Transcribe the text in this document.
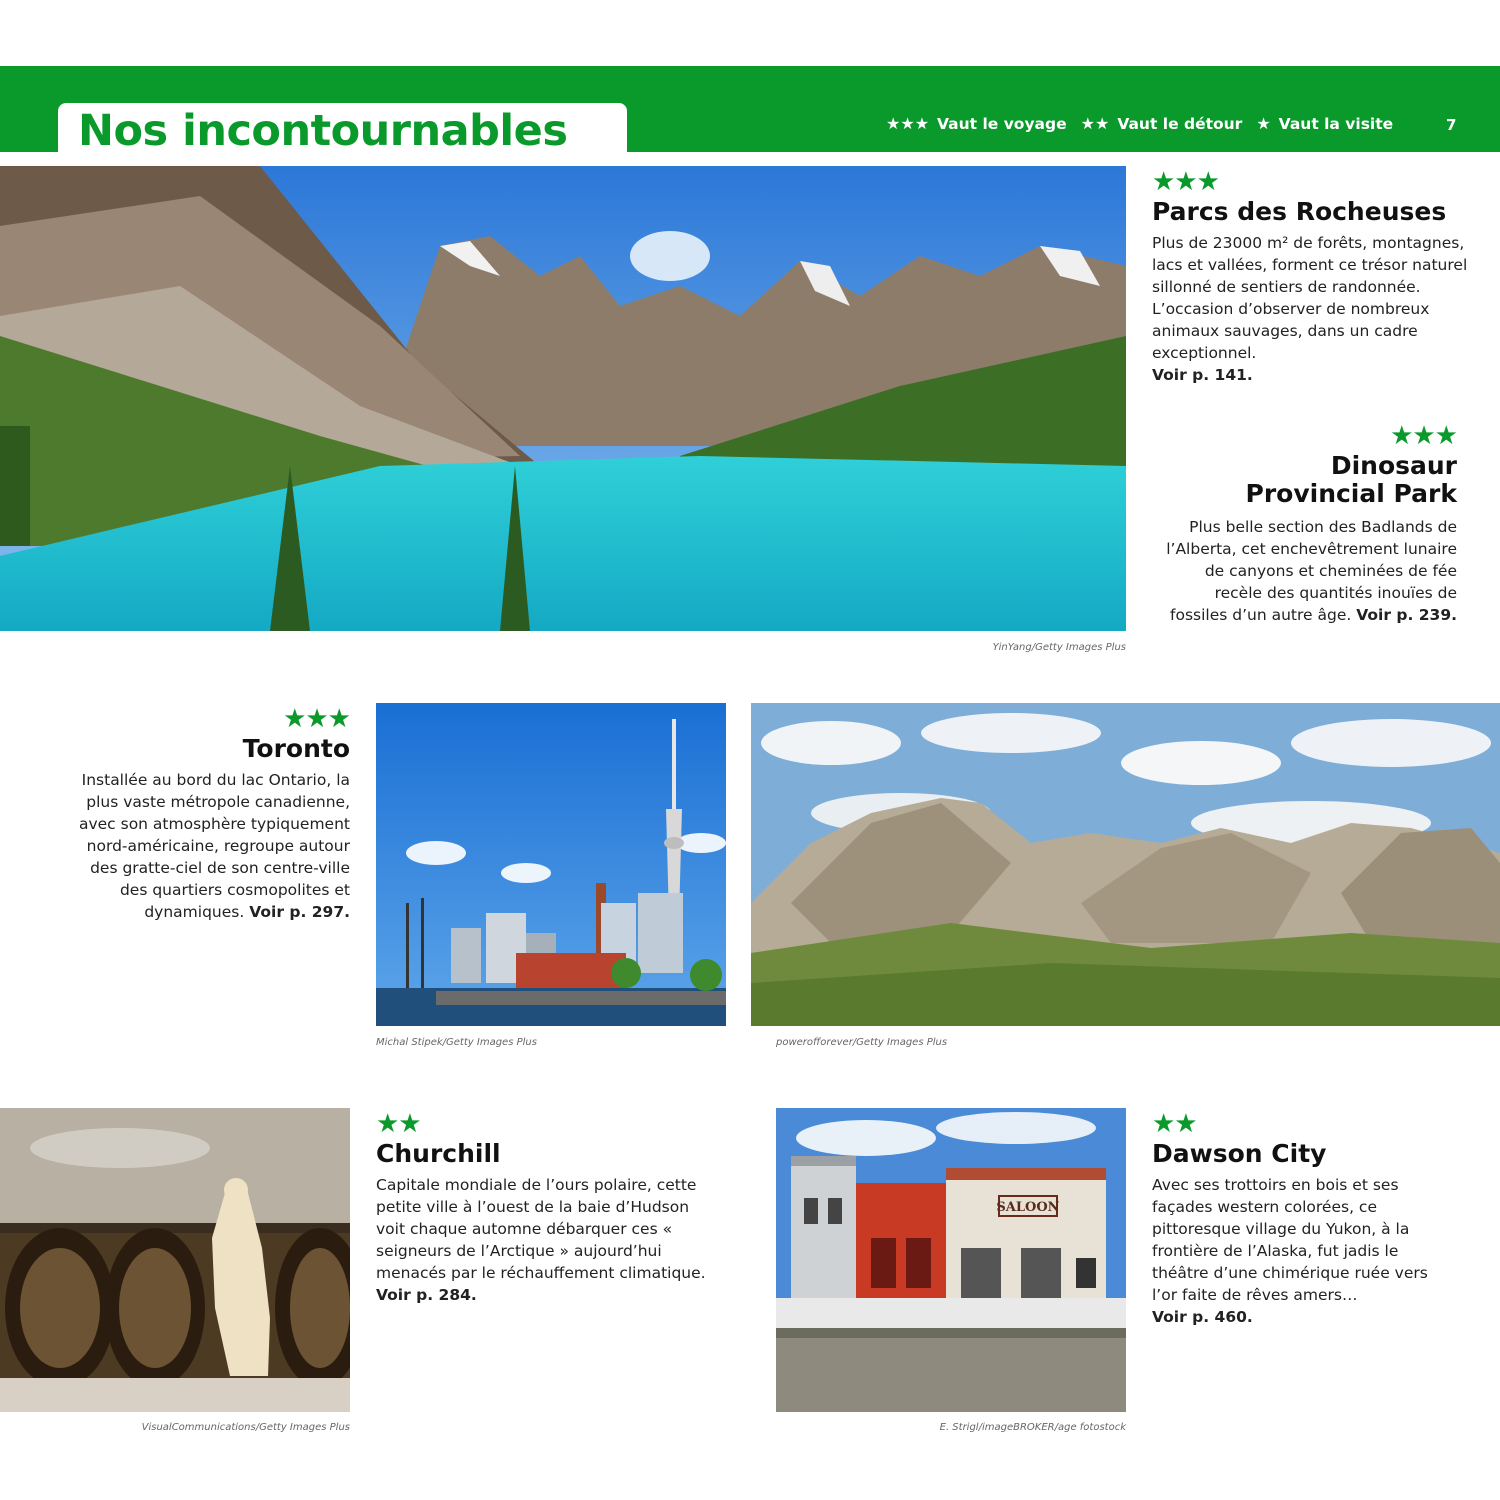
Nos incontournables	★★★ Vaut le voyage ★★ Vaut le détour ★ Vaut la visite	7
YinYang/Getty Images Plus
★★★
Parcs des Rocheuses
Plus de 23000 m² de forêts, montagnes, lacs et vallées, forment ce trésor naturel sillonné de sentiers de randonnée. L’occasion d’observer de nombreux animaux sauvages, dans un cadre exceptionnel.
Voir p. 141.
★★★
Dinosaur
Provincial Park
Plus belle section des Badlands de l’Alberta, cet enchevêtrement lunaire de canyons et cheminées de fée recèle des quantités inouïes de fossiles d’un autre âge. Voir p. 239.
★★★
Toronto
Installée au bord du lac Ontario, la plus vaste métropole canadienne, avec son atmosphère typiquement nord-américaine, regroupe autour des gratte-ciel de son centre-ville des quartiers cosmopolites et dynamiques. Voir p. 297.
Michal Stipek/Getty Images Plus	powerofforever/Getty Images Plus
VisualCommunications/Getty Images Plus
★★
Churchill
Capitale mondiale de l’ours polaire, cette petite ville à l’ouest de la baie d’Hudson voit chaque automne débarquer ces « seigneurs de l’Arctique » aujourd’hui menacés par le réchauffement climatique. Voir p. 284.
SALOON
E. Strigl/imageBROKER/age fotostock
★★
Dawson City
Avec ses trottoirs en bois et ses façades western colorées, ce pittoresque village du Yukon, à la frontière de l’Alaska, fut jadis le théâtre d’une chimérique ruée vers l’or faite de rêves amers…
Voir p. 460.
